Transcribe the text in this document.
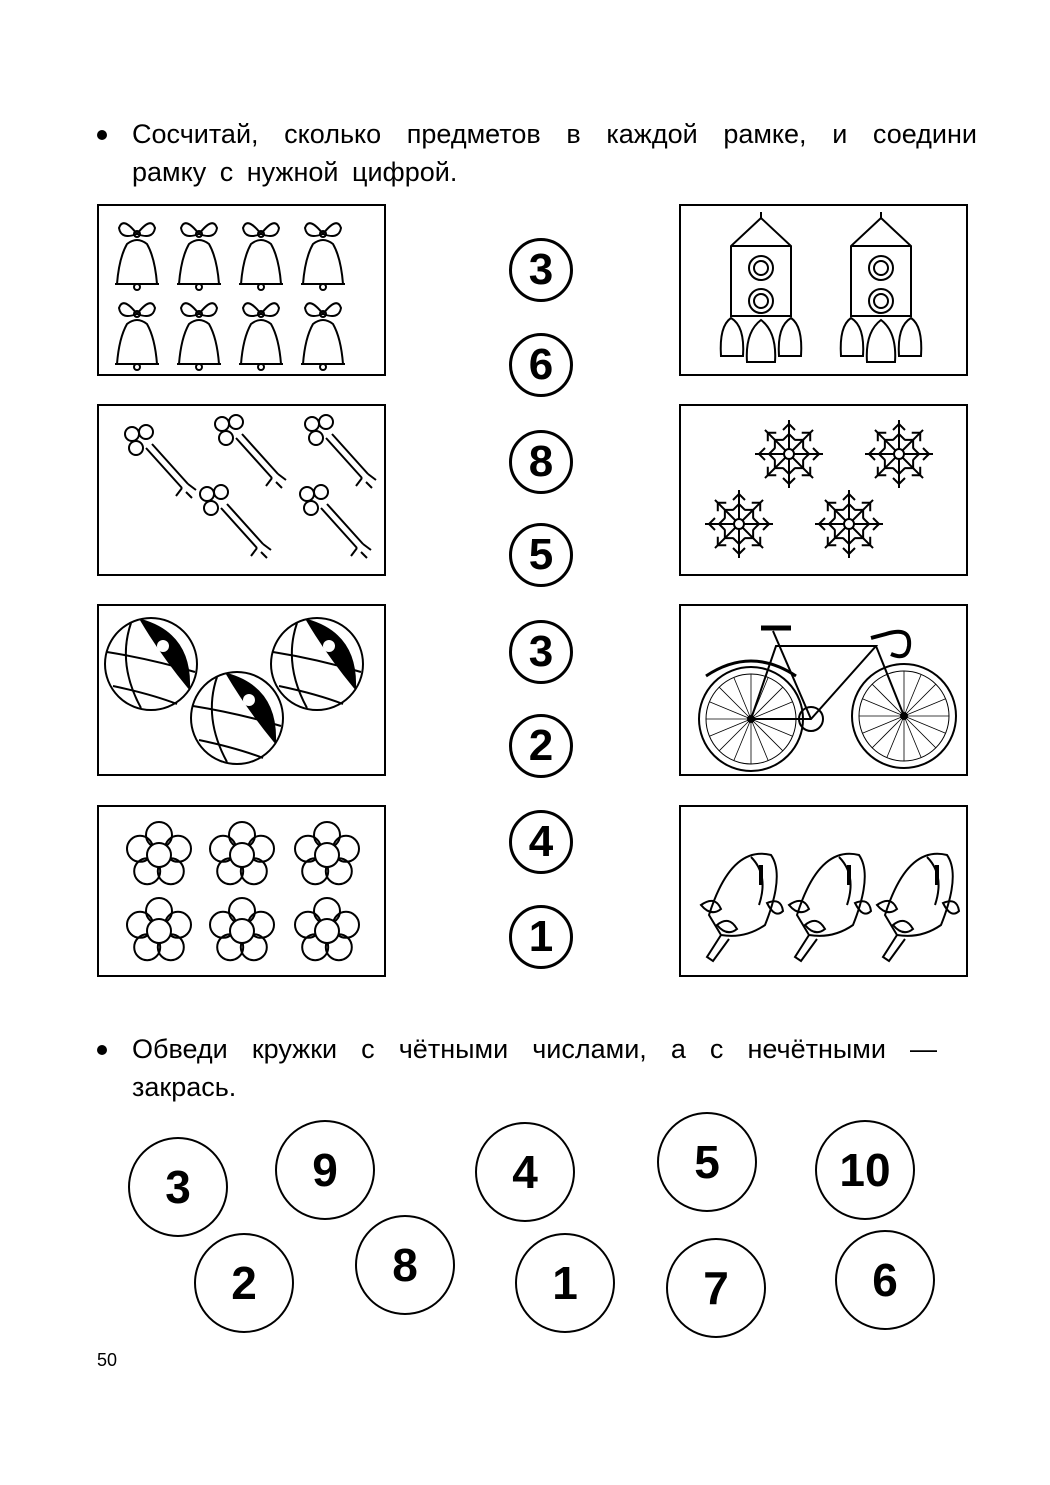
Сосчитай, сколько предметов в каждой рамке, и соедини рамку с нужной цифрой.
3
6
8
5
3
2
4
1
Обведи кружки с чётными числами, а с нечётными — закрась.
3	9	4	5	10
2	8	1	7	6
50
